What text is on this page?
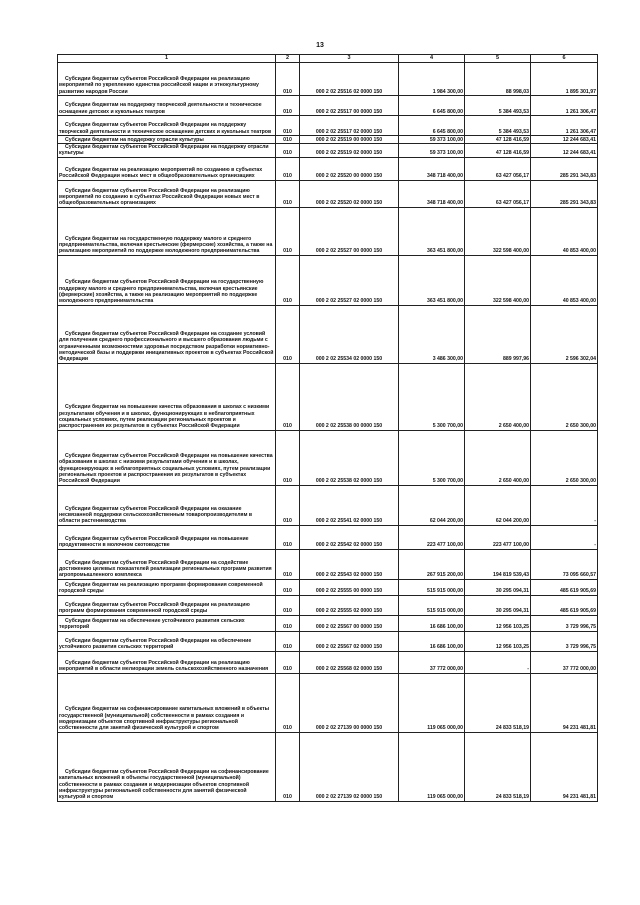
13
1	2	3	4	5	6

Субсидии бюджетам субъектов Российской Федерации на реализацию мероприятий по укреплению единства российской нации и этнокультурному развитию народов России	010	000 2 02 25516 02 0000 150	1 984 300,00	88 998,03	1 895 301,97

Субсидии бюджетам на поддержку творческой деятельности и техническое оснащение детских и кукольных театров	010	000 2 02 25517 00 0000 150	6 645 800,00	5 384 493,53	1 261 306,47

Субсидии бюджетам субъектов Российской Федерации на поддержку творческой деятельности и техническое оснащение детских и кукольных театров	010	000 2 02 25517 02 0000 150	6 645 800,00	5 384 493,53	1 261 306,47

Субсидии бюджетам на поддержку отрасли культуры	010	000 2 02 25519 00 0000 150	59 373 100,00	47 128 416,59	12 244 683,41

Субсидии бюджетам субъектов Российской Федерации на поддержку отрасли культуры	010	000 2 02 25519 02 0000 150	59 373 100,00	47 128 416,59	12 244 683,41

Субсидии бюджетам на реализацию мероприятий по созданию в субъектах Российской Федерации новых мест в общеобразовательных организациях	010	000 2 02 25520 00 0000 150	348 718 400,00	63 427 056,17	285 291 343,83

Субсидии бюджетам субъектов Российской Федерации на реализацию мероприятий по созданию в субъектах Российской Федерации новых мест в общеобразовательных организациях	010	000 2 02 25520 02 0000 150	348 718 400,00	63 427 056,17	285 291 343,83

Субсидии бюджетам на государственную поддержку малого и среднего предпринимательства, включая крестьянские (фермерские) хозяйства, а также на реализацию мероприятий по поддержке молодежного предпринимательства	010	000 2 02 25527 00 0000 150	363 451 800,00	322 598 400,00	40 853 400,00

Субсидии бюджетам субъектов Российской Федерации на государственную поддержку малого и среднего предпринимательства, включая крестьянские (фермерские) хозяйства, а также на реализацию мероприятий по поддержке молодежного предпринимательства	010	000 2 02 25527 02 0000 150	363 451 800,00	322 598 400,00	40 853 400,00

Субсидии бюджетам субъектов Российской Федерации на создание условий для получения среднего профессионального и высшего образования людьми с ограниченными возможностями здоровья посредством разработки нормативно-методической базы и поддержки инициативных проектов в субъектах Российской Федерации	010	000 2 02 25534 02 0000 150	3 486 300,00	889 997,96	2 596 302,04

Субсидии бюджетам на повышение качества образования в школах с низкими результатами обучения и в школах, функционирующих в неблагоприятных социальных условиях, путем реализации региональных проектов и распространения их результатов в субъектах Российской Федерации	010	000 2 02 25538 00 0000 150	5 300 700,00	2 650 400,00	2 650 300,00

Субсидии бюджетам субъектов Российской Федерации на повышение качества образования в школах с низкими результатами обучения и в школах, функционирующих в неблагоприятных социальных условиях, путем реализации региональных проектов и распространения их результатов в субъектах Российской Федерации	010	000 2 02 25538 02 0000 150	5 300 700,00	2 650 400,00	2 650 300,00

Субсидии бюджетам субъектов Российской Федерации на оказание несвязанной поддержки сельскохозяйственным товаропроизводителям в области растениеводства	010	000 2 02 25541 02 0000 150	62 044 200,00	62 044 200,00	-

Субсидии бюджетам субъектов Российской Федерации на повышение продуктивности в молочном скотоводстве	010	000 2 02 25542 02 0000 150	223 477 100,00	223 477 100,00	-

Субсидии бюджетам субъектов Российской Федерации на содействие достижению целевых показателей реализации региональных программ развития агропромышленного комплекса	010	000 2 02 25543 02 0000 150	267 915 200,00	194 819 539,43	73 095 660,57

Субсидии бюджетам на реализацию программ формирования современной городской среды	010	000 2 02 25555 00 0000 150	515 915 000,00	30 295 094,31	485 619 905,69

Субсидии бюджетам субъектов Российской Федерации на реализацию программ формирования современной городской среды	010	000 2 02 25555 02 0000 150	515 915 000,00	30 295 094,31	485 619 905,69

Субсидии бюджетам на обеспечение устойчивого развития сельских территорий	010	000 2 02 25567 00 0000 150	16 686 100,00	12 956 103,25	3 729 996,75

Субсидии бюджетам субъектов Российской Федерации на обеспечение устойчивого развития сельских территорий	010	000 2 02 25567 02 0000 150	16 686 100,00	12 956 103,25	3 729 996,75

Субсидии бюджетам субъектов Российской Федерации на реализацию мероприятий в области мелиорации земель сельскохозяйственного назначения	010	000 2 02 25568 02 0000 150	37 772 000,00	-	37 772 000,00

Субсидии бюджетам на софинансирование капитальных вложений в объекты государственной (муниципальной) собственности в рамках создания и модернизации объектов спортивной инфраструктуры региональной собственности для занятий физической культурой и спортом	010	000 2 02 27139 00 0000 150	119 065 000,00	24 833 518,19	94 231 481,81

Субсидии бюджетам субъектов Российской Федерации на софинансирование капитальных вложений в объекты государственной (муниципальной) собственности в рамках создания и модернизации объектов спортивной инфраструктуры региональной собственности для занятий физической культурой и спортом	010	000 2 02 27139 02 0000 150	119 065 000,00	24 833 518,19	94 231 481,81
